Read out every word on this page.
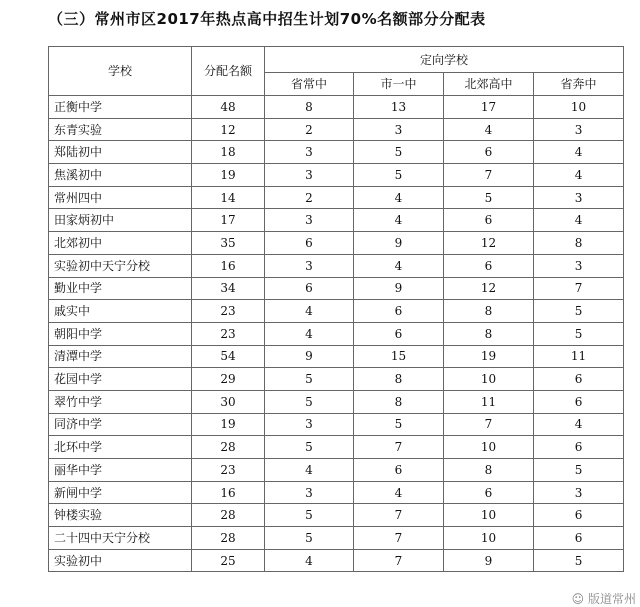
（三）常州市区2017年热点高中招生计划70%名额部分分配表
学校	分配名额	定向学校			
		省常中	市一中	北郊高中	省奔中
正衡中学	48	8	13	17	10
东青实验	12	2	3	4	3
郑陆初中	18	3	5	6	4
焦溪初中	19	3	5	7	4
常州四中	14	2	4	5	3
田家炳初中	17	3	4	6	4
北郊初中	35	6	9	12	8
实验初中天宁分校	16	3	4	6	3
勤业中学	34	6	9	12	7
戚实中	23	4	6	8	5
朝阳中学	23	4	6	8	5
清潭中学	54	9	15	19	11
花园中学	29	5	8	10	6
翠竹中学	30	5	8	11	6
同济中学	19	3	5	7	4
北环中学	28	5	7	10	6
丽华中学	23	4	6	8	5
新闸中学	16	3	4	6	3
钟楼实验	28	5	7	10	6
二十四中天宁分校	28	5	7	10	6
实验初中	25	4	7	9	5
☺ 版道常州
